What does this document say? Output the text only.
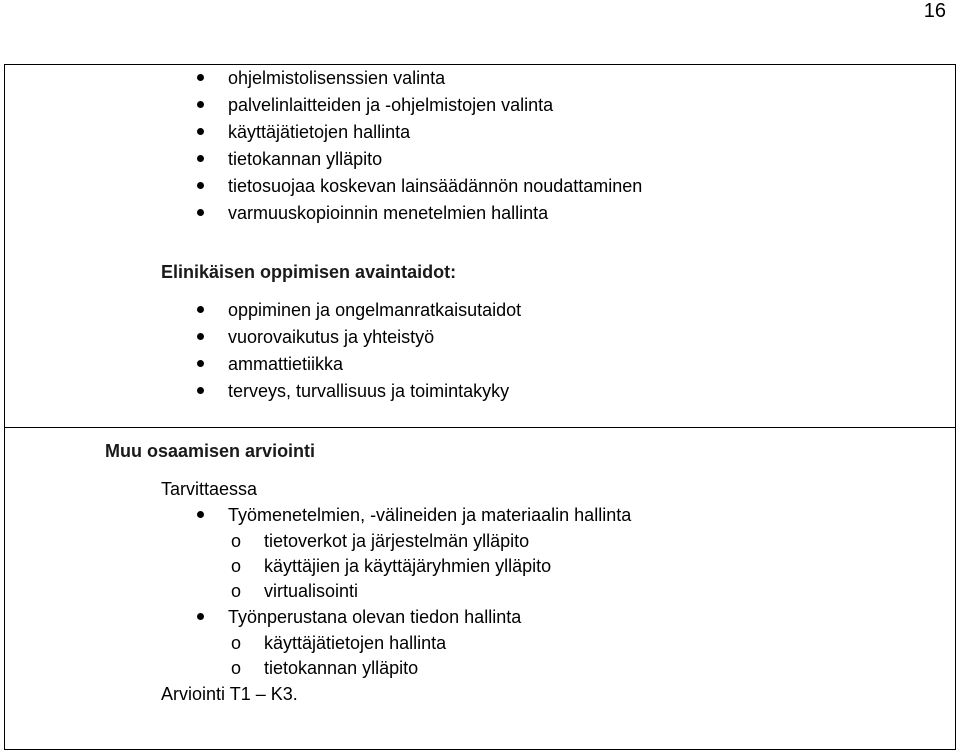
16
ohjelmistolisenssien valinta
palvelinlaitteiden ja -ohjelmistojen valinta
käyttäjätietojen hallinta
tietokannan ylläpito
tietosuojaa koskevan lainsäädännön noudattaminen
varmuuskopioinnin menetelmien hallinta
Elinikäisen oppimisen avaintaidot:
oppiminen ja ongelmanratkaisutaidot
vuorovaikutus ja yhteistyö
ammattietiikka
terveys, turvallisuus ja toimintakyky
Muu osaamisen arviointi
Tarvittaessa
Työmenetelmien, -välineiden ja materiaalin hallinta
o tietoverkot ja järjestelmän ylläpito
o käyttäjien ja käyttäjäryhmien ylläpito
o virtualisointi
Työnperustana olevan tiedon hallinta
o käyttäjätietojen hallinta
o tietokannan ylläpito
Arviointi T1 – K3.
